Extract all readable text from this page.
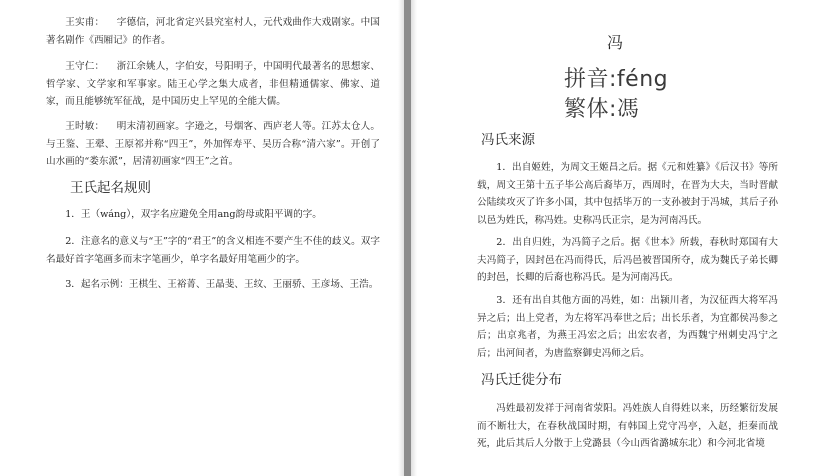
王实甫： 字德信，河北省定兴县究室村人，元代戏曲作大戏剧家。中国著名剧作《西厢记》的作者。

王守仁： 浙江余姚人，字伯安，号阳明子，中国明代最著名的思想家、哲学家、文学家和军事家。陆王心学之集大成者，非但精通儒家、佛家、道家，而且能够统军征战，是中国历史上罕见的全能大儒。

王时敏： 明末清初画家。字逊之，号烟客、西庐老人等。江苏太仓人。与王鉴、王翚、王原祁并称“四王”，外加恽寿平、吴历合称“清六家”。开创了山水画的“娄东派”，居清初画家“四王”之首。

王氏起名规则

1．王（wáng），双字名应避免全用ang韵母或阳平调的字。

2．注意名的意义与“王”字的“君王”的含义相连不要产生不佳的歧义。双字名最好首字笔画多而末字笔画少，单字名最好用笔画少的字。

3．起名示例：王棋生、王裕菁、王晶斐、王纹、王丽骄、王彦场、王浩。

冯
拼音:féng
繁体:馮
冯氏来源

1．出自姬姓，为周文王姬昌之后。据《元和姓纂》《后汉书》等所载，周文王第十五子毕公高后裔毕万，西周时，在晋为大夫，当时晋献公陆续攻灭了许多小国，其中包括毕万的一支孙被封于冯城，其后子孙以邑为姓氏，称冯姓。史称冯氏正宗，是为河南冯氏。

2．出自归姓，为冯简子之后。据《世本》所载，春秋时郑国有大夫冯简子，因封邑在冯而得氏，后冯邑被晋国所夺，成为魏氏子弟长卿的封邑，长卿的后裔也称冯氏。是为河南冯氏。

3．还有出自其他方面的冯姓，如：出颍川者，为汉征西大将军冯异之后；出上党者，为左将军冯奉世之后；出长乐者，为宜都侯冯参之后；出京兆者，为燕王冯宏之后；出宏农者，为西魏宁州刺史冯宁之后；出河间者，为唐监察御史冯师之后。

冯氏迁徙分布

冯姓最初发祥于河南省荥阳。冯姓族人自得姓以来，历经繁衍发展而不断壮大，在春秋战国时期，有韩国上党守冯亭，入赵，拒秦而战死，此后其后人分散于上党潞县（今山西省潞城东北）和今河北省境
